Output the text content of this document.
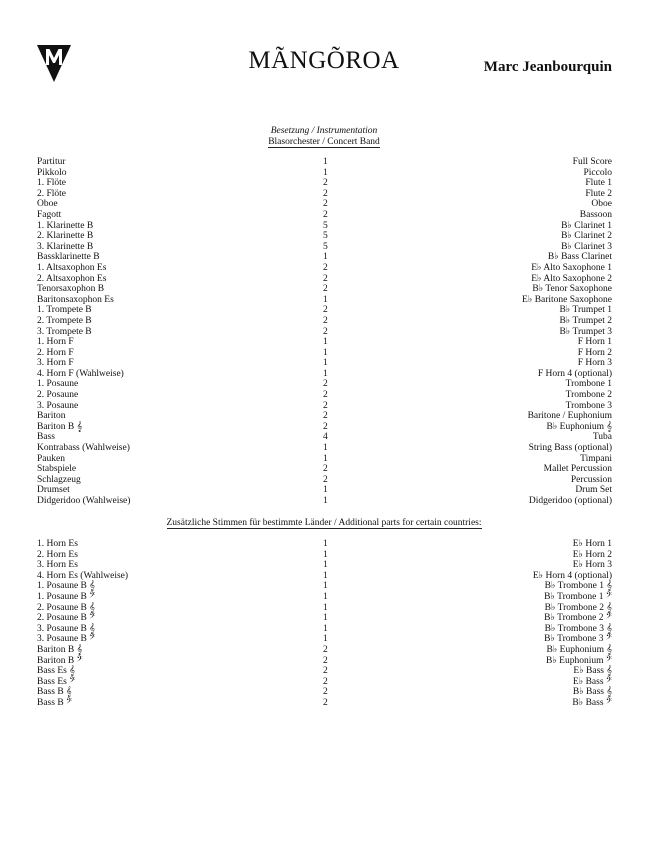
MÃNGÕROA	Marc Jeanbourquin
Besetzung / Instrumentation
Blasorchester / Concert Band
Partitur	1	Full Score
Pikkolo	1	Piccolo
1. Flöte	2	Flute 1
2. Flöte	2	Flute 2
Oboe	2	Oboe
Fagott	2	Bassoon
1. Klarinette B	5	B♭ Clarinet 1
2. Klarinette B	5	B♭ Clarinet 2
3. Klarinette B	5	B♭ Clarinet 3
Bassklarinette B	1	B♭ Bass Clarinet
1. Altsaxophon Es	2	E♭ Alto Saxophone 1
2. Altsaxophon Es	2	E♭ Alto Saxophone 2
Tenorsaxophon B	2	B♭ Tenor Saxophone
Baritonsaxophon Es	1	E♭ Baritone Saxophone
1. Trompete B	2	B♭ Trumpet 1
2. Trompete B	2	B♭ Trumpet 2
3. Trompete B	2	B♭ Trumpet 3
1. Horn F	1	F Horn 1
2. Horn F	1	F Horn 2
3. Horn F	1	F Horn 3
4. Horn F (Wahlweise)	1	F Horn 4 (optional)
1. Posaune	2	Trombone 1
2. Posaune	2	Trombone 2
3. Posaune	2	Trombone 3
Bariton	2	Baritone / Euphonium
Bariton B 𝄞	2	B♭ Euphonium 𝄞
Bass	4	Tuba
Kontrabass (Wahlweise)	1	String Bass (optional)
Pauken	1	Timpani
Stabspiele	2	Mallet Percussion
Schlagzeug	2	Percussion
Drumset	1	Drum Set
Didgeridoo (Wahlweise)	1	Didgeridoo (optional)
Zusätzliche Stimmen für bestimmte Länder / Additional parts for certain countries:
1. Horn Es	1	E♭ Horn 1
2. Horn Es	1	E♭ Horn 2
3. Horn Es	1	E♭ Horn 3
4. Horn Es (Wahlweise)	1	E♭ Horn 4 (optional)
1. Posaune B 𝄞	1	B♭ Trombone 1 𝄞
1. Posaune B 𝄢	1	B♭ Trombone 1 𝄢
2. Posaune B 𝄞	1	B♭ Trombone 2 𝄞
2. Posaune B 𝄢	1	B♭ Trombone 2 𝄢
3. Posaune B 𝄞	1	B♭ Trombone 3 𝄞
3. Posaune B 𝄢	1	B♭ Trombone 3 𝄢
Bariton B 𝄞	2	B♭ Euphonium 𝄞
Bariton B 𝄢	2	B♭ Euphonium 𝄢
Bass Es 𝄞	2	E♭ Bass 𝄞
Bass Es 𝄢	2	E♭ Bass 𝄢
Bass B 𝄞	2	B♭ Bass 𝄞
Bass B 𝄢	2	B♭ Bass 𝄢
